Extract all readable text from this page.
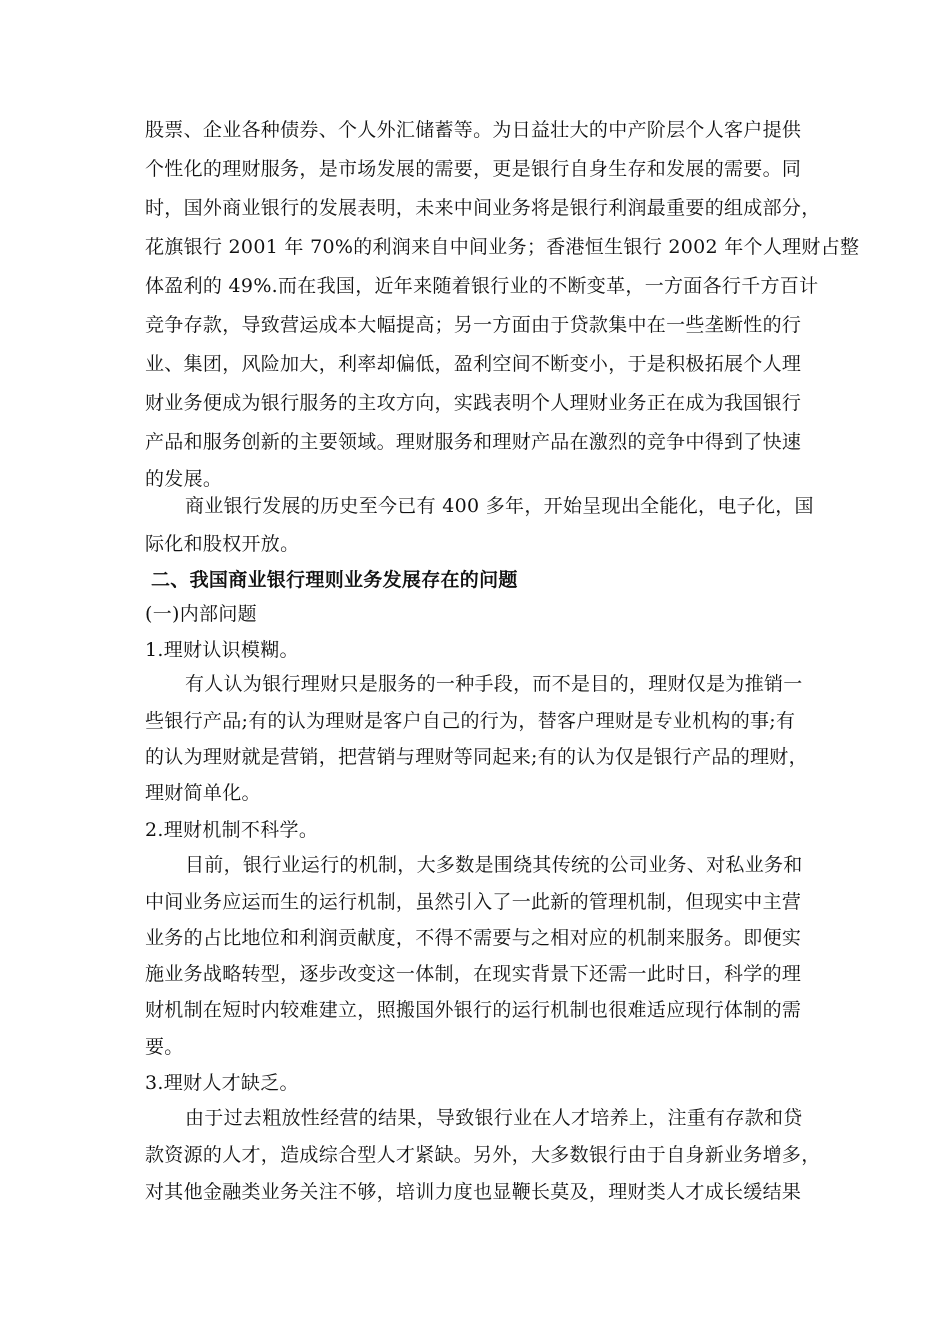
股票、企业各种债券、个人外汇储蓄等。为日益壮大的中产阶层个人客户提供
个性化的理财服务，是市场发展的需要，更是银行自身生存和发展的需要。同
时，国外商业银行的发展表明，未来中间业务将是银行利润最重要的组成部分，
花旗银行 2001 年 70%的利润来自中间业务；香港恒生银行 2002 年个人理财占整
体盈利的 49%.而在我国，近年来随着银行业的不断变革，一方面各行千方百计
竞争存款，导致营运成本大幅提高；另一方面由于贷款集中在一些垄断性的行
业、集团，风险加大，利率却偏低，盈利空间不断变小，于是积极拓展个人理
财业务便成为银行服务的主攻方向，实践表明个人理财业务正在成为我国银行
产品和服务创新的主要领域。理财服务和理财产品在激烈的竞争中得到了快速
的发展。
商业银行发展的历史至今已有 400 多年，开始呈现出全能化，电子化，国
际化和股权开放。
二、我国商业银行理则业务发展存在的问题
(一)内部问题
1.理财认识模糊。
有人认为银行理财只是服务的一种手段，而不是目的，理财仅是为推销一
些银行产品;有的认为理财是客户自己的行为，替客户理财是专业机构的事;有
的认为理财就是营销，把营销与理财等同起来;有的认为仅是银行产品的理财，
理财简单化。
2.理财机制不科学。
目前，银行业运行的机制，大多数是围绕其传统的公司业务、对私业务和
中间业务应运而生的运行机制，虽然引入了一此新的管理机制，但现实中主营
业务的占比地位和利润贡献度，不得不需要与之相对应的机制来服务。即便实
施业务战略转型，逐步改变这一体制，在现实背景下还需一此时日，科学的理
财机制在短时内较难建立，照搬国外银行的运行机制也很难适应现行体制的需
要。
3.理财人才缺乏。
由于过去粗放性经营的结果，导致银行业在人才培养上，注重有存款和贷
款资源的人才，造成综合型人才紧缺。另外，大多数银行由于自身新业务增多，
对其他金融类业务关注不够，培训力度也显鞭长莫及，理财类人才成长缓结果
